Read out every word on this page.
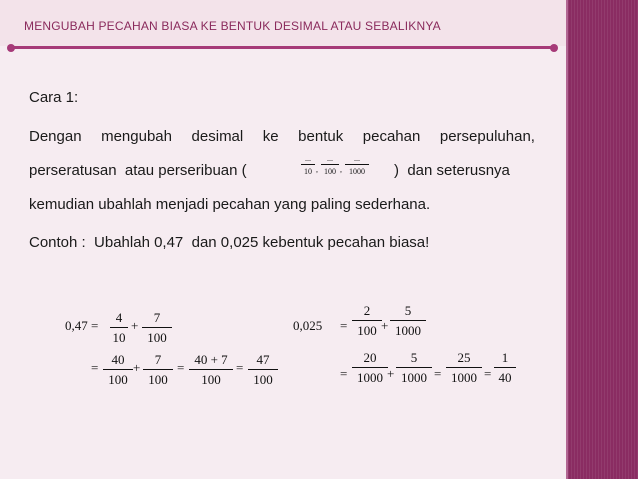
MENGUBAH PECAHAN BIASA KE BENTUK DESIMAL ATAU SEBALIKNYA
Cara 1:
Dengan mengubah desimal ke bentuk pecahan persepuluhan,
perseratusan  atau perseribuan (	)  dan seterusnya
...
10 ,
...
100 ,
...
1000
kemudian ubahlah menjadi pecahan yang paling sederhana.
Contoh :  Ubahlah 0,47  dan 0,025 kebentuk pecahan biasa!
0,47 =
4
10
+
7
100
=
40
100
+
7
100
=
40 + 7
100
=
47
100
0,025 =
2
100 +
5
1000
=
20
1000 +
5
1000 =
25
1000 =
1
40
